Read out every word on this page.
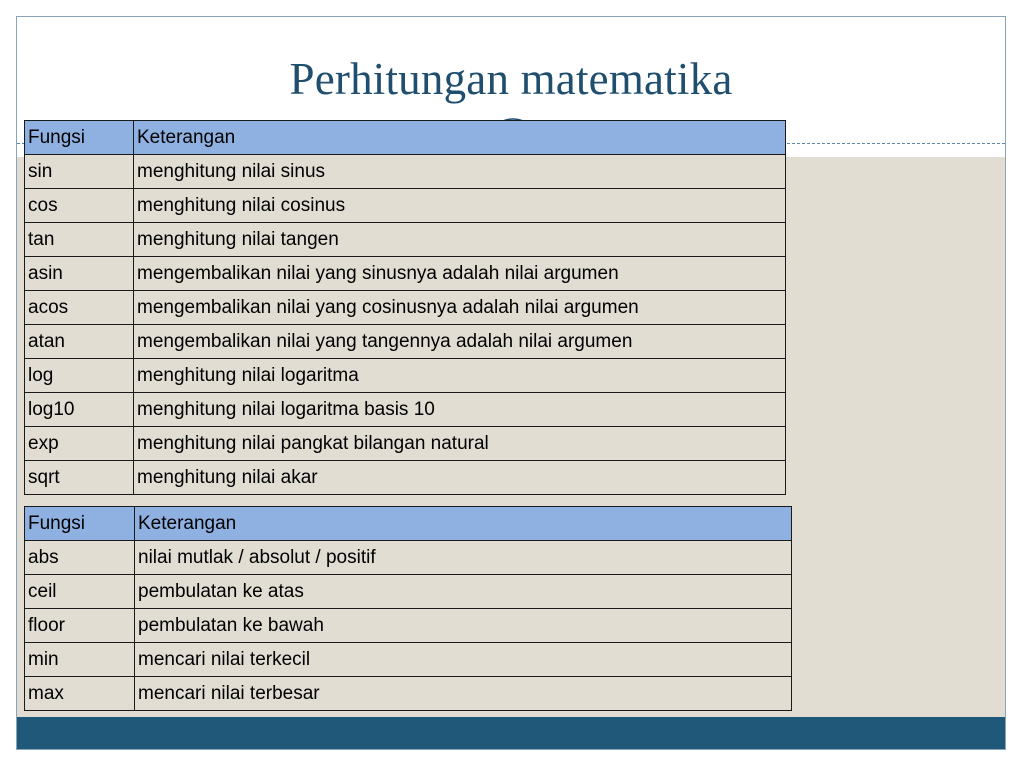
Perhitungan matematika
Fungsi	Keterangan
sin	menghitung nilai sinus
cos	menghitung nilai cosinus
tan	menghitung nilai tangen
asin	mengembalikan nilai yang sinusnya adalah nilai argumen
acos	mengembalikan nilai yang cosinusnya adalah nilai argumen
atan	mengembalikan nilai yang tangennya adalah nilai argumen
log	menghitung nilai logaritma
log10	menghitung nilai logaritma basis 10
exp	menghitung nilai pangkat bilangan natural
sqrt	menghitung nilai akar
Fungsi	Keterangan
abs	nilai mutlak / absolut / positif
ceil	pembulatan ke atas
floor	pembulatan ke bawah
min	mencari nilai terkecil
max	mencari nilai terbesar
